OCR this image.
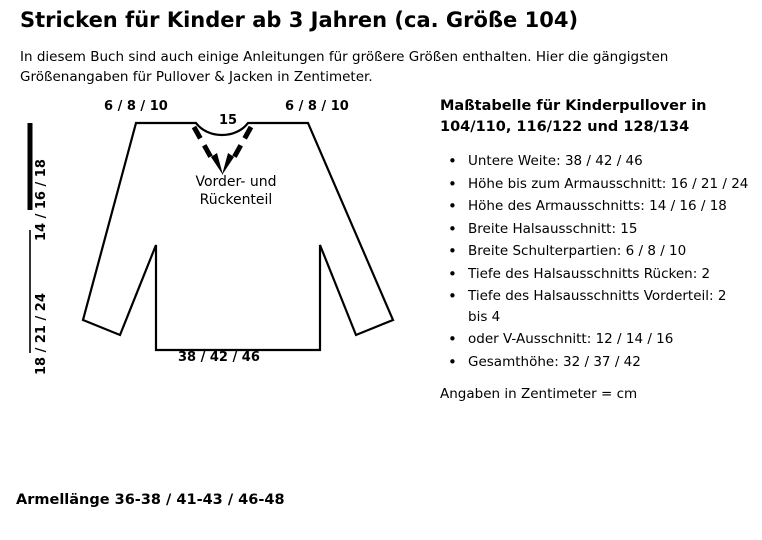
Stricken für Kinder ab 3 Jahren (ca. Größe 104)
In diesem Buch sind auch einige Anleitungen für größere Größen enthalten. Hier die gängigsten Größenangaben für Pullover & Jacken in Zentimeter.
6 / 8 / 10	6 / 8 / 10
15
38 / 42 / 46
14 / 16 / 18
18 / 21 / 24
Vorder- und
Rückenteil
Armellänge 36-38 / 41-43 / 46-48
Maßtabelle für Kinderpullover in
104/110, 116/122 und 128/134
• Untere Weite: 38 / 42 / 46
• Höhe bis zum Armausschnitt: 16 / 21 / 24
• Höhe des Armausschnitts: 14 / 16 / 18
• Breite Halsausschnitt: 15
• Breite Schulterpartien: 6 / 8 / 10
• Tiefe des Halsausschnitts Rücken: 2
• Tiefe des Halsausschnitts Vorderteil: 2 bis 4
• oder V-Ausschnitt: 12 / 14 / 16
• Gesamthöhe: 32 / 37 / 42
Angaben in Zentimeter = cm
